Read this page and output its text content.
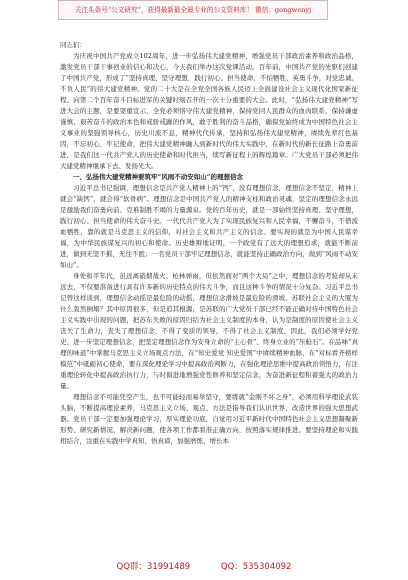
关注头条号“公文研究”，获得最新最全最专业的公文资料库！ 微信：gongwenyj

同志们：

为庆祝中国共产党成立102周年，进一步弘扬伟大建党精神，增强党员干部政治素养和政治品格，激发党员干部干事创业的信心和决心，今天我们举办这次党课活动。百年前，中国共产党的先驱们创建了中国共产党，形成了“坚持真理、坚守理想，践行初心、担当使命，不怕牺牲、英勇斗争，对党忠诚、不负人民”的伟大建党精神。党的二十大是在全党全国各族人民迈上全面建设社会主义现代化国家新征程、向第二个百年奋斗目标进军的关键时刻召开的一次十分重要的大会。此时，“弘扬伟大建党精神”写进大会的主题，是要耍重宣示，全党必须恪守伟大建党精神，保持党同人民群众的血肉联系，保持谦虚谨慎、艰苦奋斗的政治本色和戒骄戒躁的作风，敢于胜利的奋斗品格，确保党始终成为中国特色社会主义事业的坚强领导核心，历史川流不息，精神代代传承，坚持和弘扬伟大建党精神，赓续先辈红色基因，不忘初心，牢记使命，把伟大建党精神融入到新时代的伟大实践中，在新时代的新长征路上奋勇前进，是我们这一代共产党人的历史使命和时代担当，续写新征程上的辉煌篇章。广大党员干部必须把伟大建党精神继承下去、发扬光大。

一、弘扬伟大建党精神要筑牢“风雨不动安如山”的理想信念

习近平总书记强调，理想信念是共产党人精神上的“钙”，没有理想信念，理想信念不坚定，精神上就会“缺钙”，就会得“软骨病”。理想信念是中国共产党人的精神支柱和政治灵魂，坚定的理想信念永远是激励我们奋勇向前、克难制胜不竭的力量源泉。党的百年历史，就是一部始终坚持真理、坚守理想，践行初心、担当使命的伟大奋斗史。一代代共产党人为了实现民族复兴和人民幸福，不懈奋斗，不惜流血牺牲，靠的就是马克思主义的信仰，对社会主义和共产主义的信念。要实现的就是为中国人民谋幸福，为中华民族谋复兴的初心和使命。历史雄辩地证明，一个政党有了远大的理想追求，就能不断前进，做到无坚不摧，无往不胜；一名党员干部牢记理想信念，就能坚持正确政治方向，做到“风雨不动安如山”。

身处和平年代，虽远离硝烟战火、枪林弹雨，但依然面对“两个大局”之中，理想信念的考验却从未远去，不仅要准备进行具有许多新的历史特点的伟大斗争，而且这种斗争的情况十分复杂。习近平总书记曾这样谈到，理想信念动摇是最危险的动摇，理想信念滑坡是最危险的滑坡。苏联社会主义的大厦为什么轰然倒塌？其中原因很多，但是追其根源，是苏联的广大党员干部已经不能正确对待中国特色社会主义实践中出现的问题，把苏东失败的原因归结为社会主义制度的本身，认为是制度的原因使社会主义丧失了生命力，丧失了理想信念，不得了变质的领导，不得了社会主义制度，因此，我们必须学好党史、进一步坚定理想信念，把坚定理想信念作为安身立命的“主心骨”、终身立业的“压舱石”。在品味“真理的味道”中掌握马克思主义立场观点方法，在“知史爱党 知史爱国”中赓续精神血脉、在“对标看齐榜样模范”中砥砺初心使命，要在深化理论学习中提高政治判断力，在强化理论思维中提高政治领悟力，在注重理论转化中提高政治执行力，与时俱进地增强党性修养和坚定信念，为奋进新征程积蓄强大的政治力量。

理想信念不可能凭空产生，也不可能轻而易举坚守，要练就“金刚不坏之身”，必须用科学理论武装头脑，不断提高理论素养，马克思主义立场、观点、方法是指导我们认识世界、改造世界的强大思想武器。党员干部一定要加强理论学习，厚实理论功底，自觉用习近平新时代中国特色社会主义思想凝聚新形势、研究新情况、解决新问题，使各项工作都看准正确方向，按照落实规律推进。要坚持理论和实践相结合，注重在实践中学真知、悟真谛，加强磨炼、增长本

QQ群：31991489	QQ：535304092
